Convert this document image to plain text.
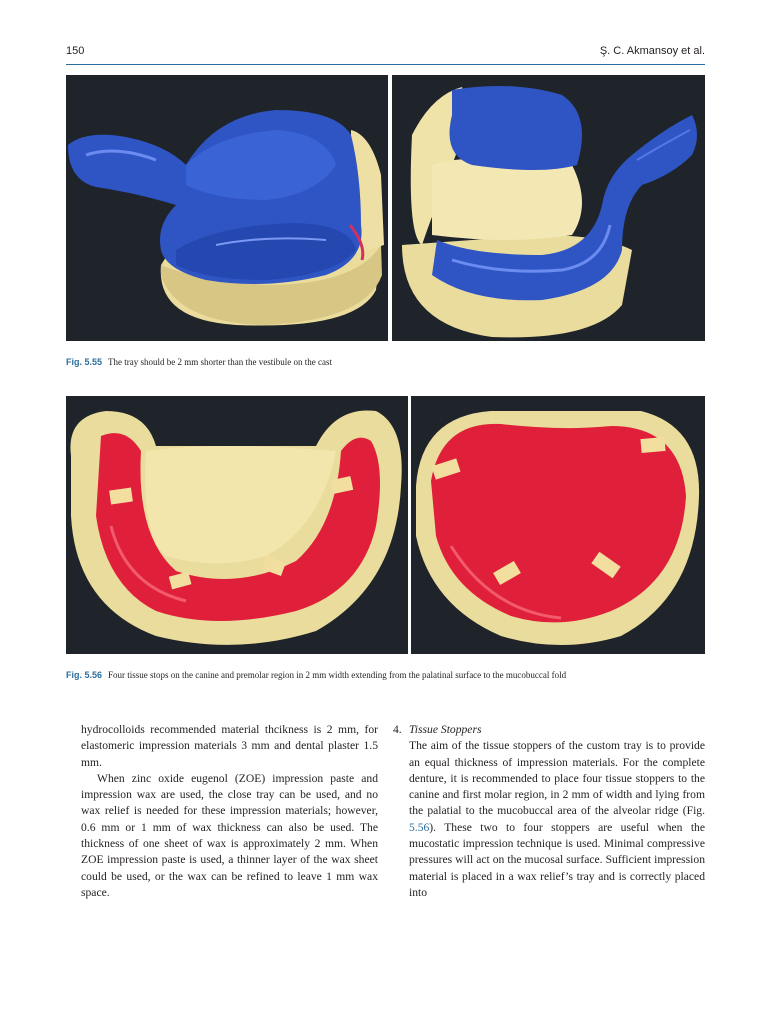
150	Ş. C. Akmansoy et al.
Fig. 5.55 The tray should be 2 mm shorter than the vestibule on the cast
Fig. 5.56 Four tissue stops on the canine and premolar region in 2 mm width extending from the palatinal surface to the mucobuccal fold

hydrocolloids recommended material thcikness is 2 mm, for elastomeric impression materials 3 mm and dental plaster 1.5 mm.

When zinc oxide eugenol (ZOE) impression paste and impression wax are used, the close tray can be used, and no wax relief is needed for these impression materials; however, 0.6 mm or 1 mm of wax thickness can also be used. The thickness of one sheet of wax is approximately 2 mm. When ZOE impression paste is used, a thinner layer of the wax sheet could be used, or the wax can be refined to leave 1 mm wax space.

4. Tissue Stoppers

The aim of the tissue stoppers of the custom tray is to provide an equal thickness of impression materials. For the complete denture, it is recommended to place four tissue stoppers to the canine and first molar region, in 2 mm of width and lying from the palatial to the mucobuccal area of the alveolar ridge (Fig. 5.56). These two to four stoppers are useful when the mucostatic impression technique is used. Minimal compressive pressures will act on the mucosal surface. Sufficient impression material is placed in a wax relief’s tray and is correctly placed into
